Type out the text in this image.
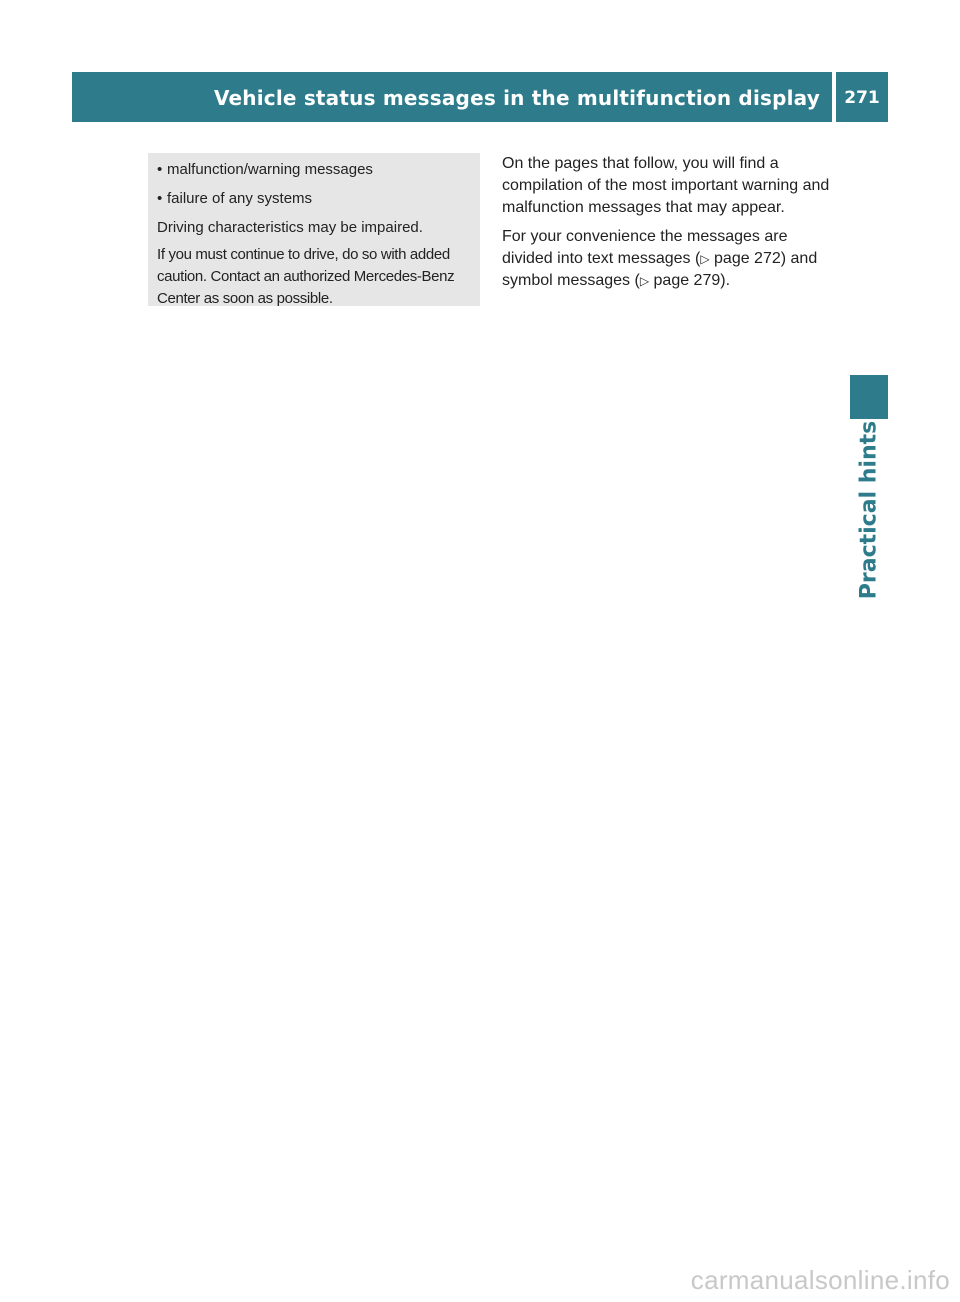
Vehicle status messages in the multifunction display	271
• malfunction/warning messages
• failure of any systems

Driving characteristics may be impaired.

If you must continue to drive, do so with added caution. Contact an authorized Mercedes-Benz Center as soon as possible.

On the pages that follow, you will find a compilation of the most important warning and malfunction messages that may appear.

For your convenience the messages are divided into text messages (▷ page 272) and symbol messages (▷ page 279).

Practical hints
carmanualsonline.info
